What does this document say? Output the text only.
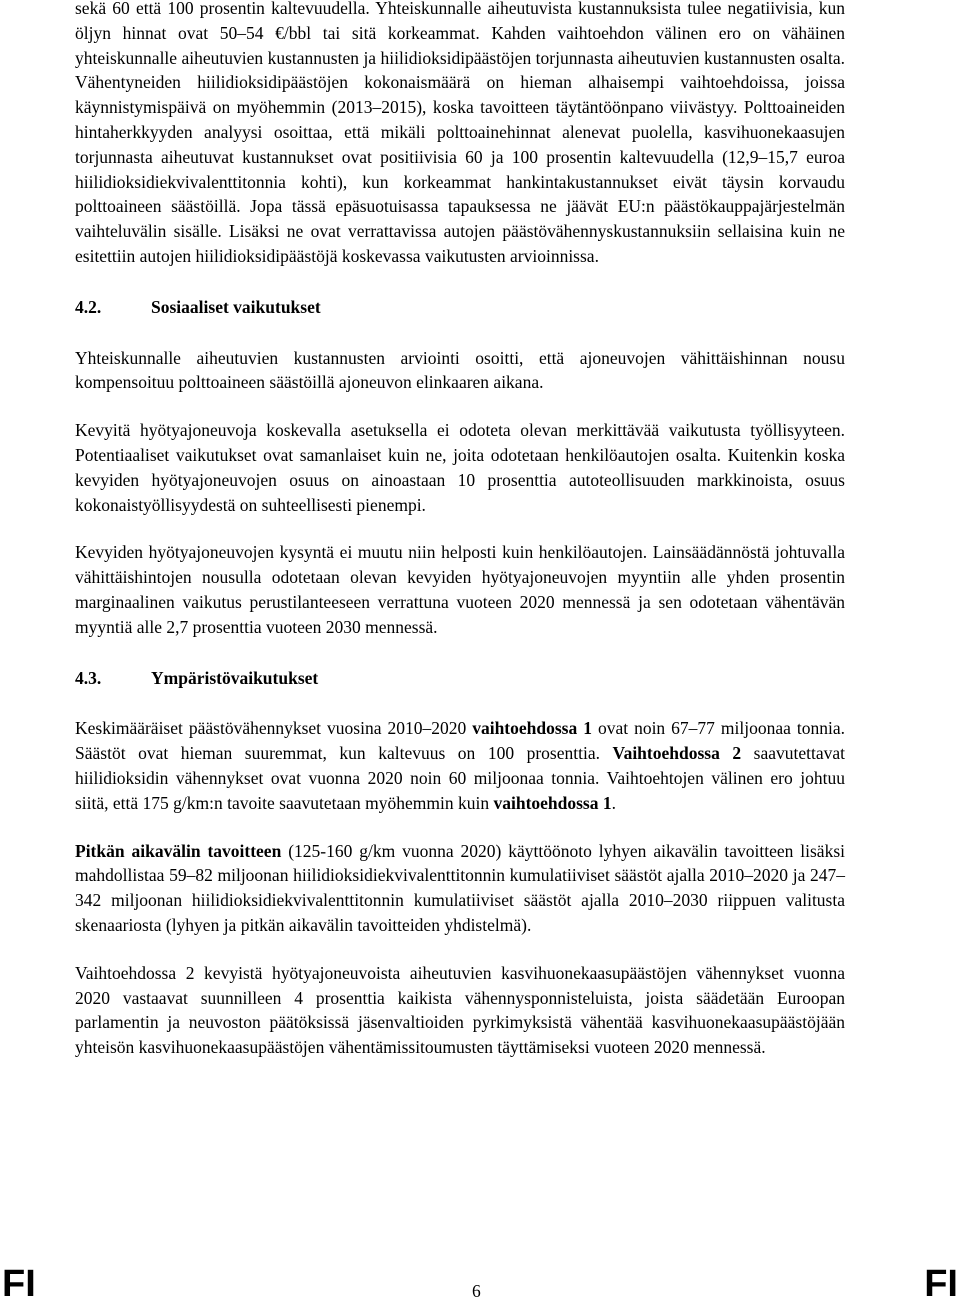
sekä 60 että 100 prosentin kaltevuudella. Yhteiskunnalle aiheutuvista kustannuksista tulee negatiivisia, kun öljyn hinnat ovat 50–54 €/bbl tai sitä korkeammat. Kahden vaihtoehdon välinen ero on vähäinen yhteiskunnalle aiheutuvien kustannusten ja hiilidioksidipäästöjen torjunnasta aiheutuvien kustannusten osalta. Vähentyneiden hiilidioksidipäästöjen kokonaismäärä on hieman alhaisempi vaihtoehdoissa, joissa käynnistymispäivä on myöhemmin (2013–2015), koska tavoitteen täytäntöönpano viivästyy. Polttoaineiden hintaherkkyyden analyysi osoittaa, että mikäli polttoainehinnat alenevat puolella, kasvihuonekaasujen torjunnasta aiheutuvat kustannukset ovat positiivisia 60 ja 100 prosentin kaltevuudella (12,9–15,7 euroa hiilidioksidiekvivalenttitonnia kohti), kun korkeammat hankintakustannukset eivät täysin korvaudu polttoaineen säästöillä. Jopa tässä epäsuotuisassa tapauksessa ne jäävät EU:n päästökauppajärjestelmän vaihteluvälin sisälle. Lisäksi ne ovat verrattavissa autojen päästövähennyskustannuksiin sellaisina kuin ne esitettiin autojen hiilidioksidipäästöjä koskevassa vaikutusten arvioinnissa.

4.2.	Sosiaaliset vaikutukset

Yhteiskunnalle aiheutuvien kustannusten arviointi osoitti, että ajoneuvojen vähittäishinnan nousu kompensoituu polttoaineen säästöillä ajoneuvon elinkaaren aikana.

Kevyitä hyötyajoneuvoja koskevalla asetuksella ei odoteta olevan merkittävää vaikutusta työllisyyteen. Potentiaaliset vaikutukset ovat samanlaiset kuin ne, joita odotetaan henkilöautojen osalta. Kuitenkin koska kevyiden hyötyajoneuvojen osuus on ainoastaan 10 prosenttia autoteollisuuden markkinoista, osuus kokonaistyöllisyydestä on suhteellisesti pienempi.

Kevyiden hyötyajoneuvojen kysyntä ei muutu niin helposti kuin henkilöautojen. Lainsäädännöstä johtuvalla vähittäishintojen nousulla odotetaan olevan kevyiden hyötyajoneuvojen myyntiin alle yhden prosentin marginaalinen vaikutus perustilanteeseen verrattuna vuoteen 2020 mennessä ja sen odotetaan vähentävän myyntiä alle 2,7 prosenttia vuoteen 2030 mennessä.

4.3.	Ympäristövaikutukset

Keskimääräiset päästövähennykset vuosina 2010–2020 vaihtoehdossa 1 ovat noin 67–77 miljoonaa tonnia. Säästöt ovat hieman suuremmat, kun kaltevuus on 100 prosenttia. Vaihtoehdossa 2 saavutettavat hiilidioksidin vähennykset ovat vuonna 2020 noin 60 miljoonaa tonnia. Vaihtoehtojen välinen ero johtuu siitä, että 175 g/km:n tavoite saavutetaan myöhemmin kuin vaihtoehdossa 1.

Pitkän aikavälin tavoitteen (125-160 g/km vuonna 2020) käyttöönoto lyhyen aikavälin tavoitteen lisäksi mahdollistaa 59–82 miljoonan hiilidioksidiekvivalenttitonnin kumulatiiviset säästöt ajalla 2010–2020 ja 247–342 miljoonan hiilidioksidiekvivalenttitonnin kumulatiiviset säästöt ajalla 2010–2030 riippuen valitusta skenaariosta (lyhyen ja pitkän aikavälin tavoitteiden yhdistelmä).

Vaihtoehdossa 2 kevyistä hyötyajoneuvoista aiheutuvien kasvihuonekaasupäästöjen vähennykset vuonna 2020 vastaavat suunnilleen 4 prosenttia kaikista vähennysponnisteluista, joista säädetään Euroopan parlamentin ja neuvoston päätöksissä jäsenvaltioiden pyrkimyksistä vähentää kasvihuonekaasupäästöjään yhteisön kasvihuonekaasupäästöjen vähentämissitoumusten täyttämiseksi vuoteen 2020 mennessä.

FI	6	FI
